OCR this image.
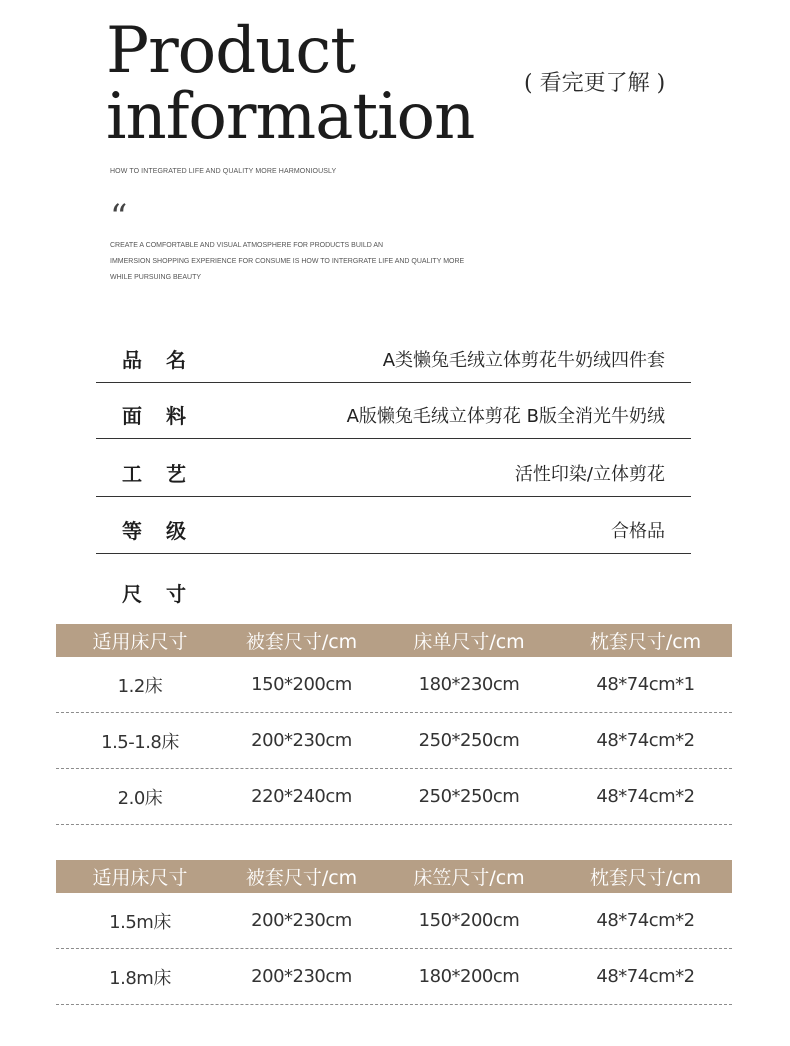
Product
information ( 看完更了解 )
HOW TO INTEGRATED LIFE AND QUALITY MORE HARMONIOUSLY
“
CREATE A COMFORTABLE AND VISUAL ATMOSPHERE FOR PRODUCTS BUILD AN
IMMERSION SHOPPING EXPERIENCE FOR CONSUME IS HOW TO INTERGRATE LIFE AND QUALITY MORE
WHILE PURSUING BEAUTY
品名	A类懒兔毛绒立体剪花牛奶绒四件套
面料	A版懒兔毛绒立体剪花 B版全消光牛奶绒
工艺	活性印染/立体剪花
等级	合格品
尺寸
适用床尺寸	被套尺寸/cm	床单尺寸/cm	枕套尺寸/cm
1.2床	150*200cm	180*230cm	48*74cm*1
1.5-1.8床	200*230cm	250*250cm	48*74cm*2
2.0床	220*240cm	250*250cm	48*74cm*2
适用床尺寸	被套尺寸/cm	床笠尺寸/cm	枕套尺寸/cm
1.5m床	200*230cm	150*200cm	48*74cm*2
1.8m床	200*230cm	180*200cm	48*74cm*2
